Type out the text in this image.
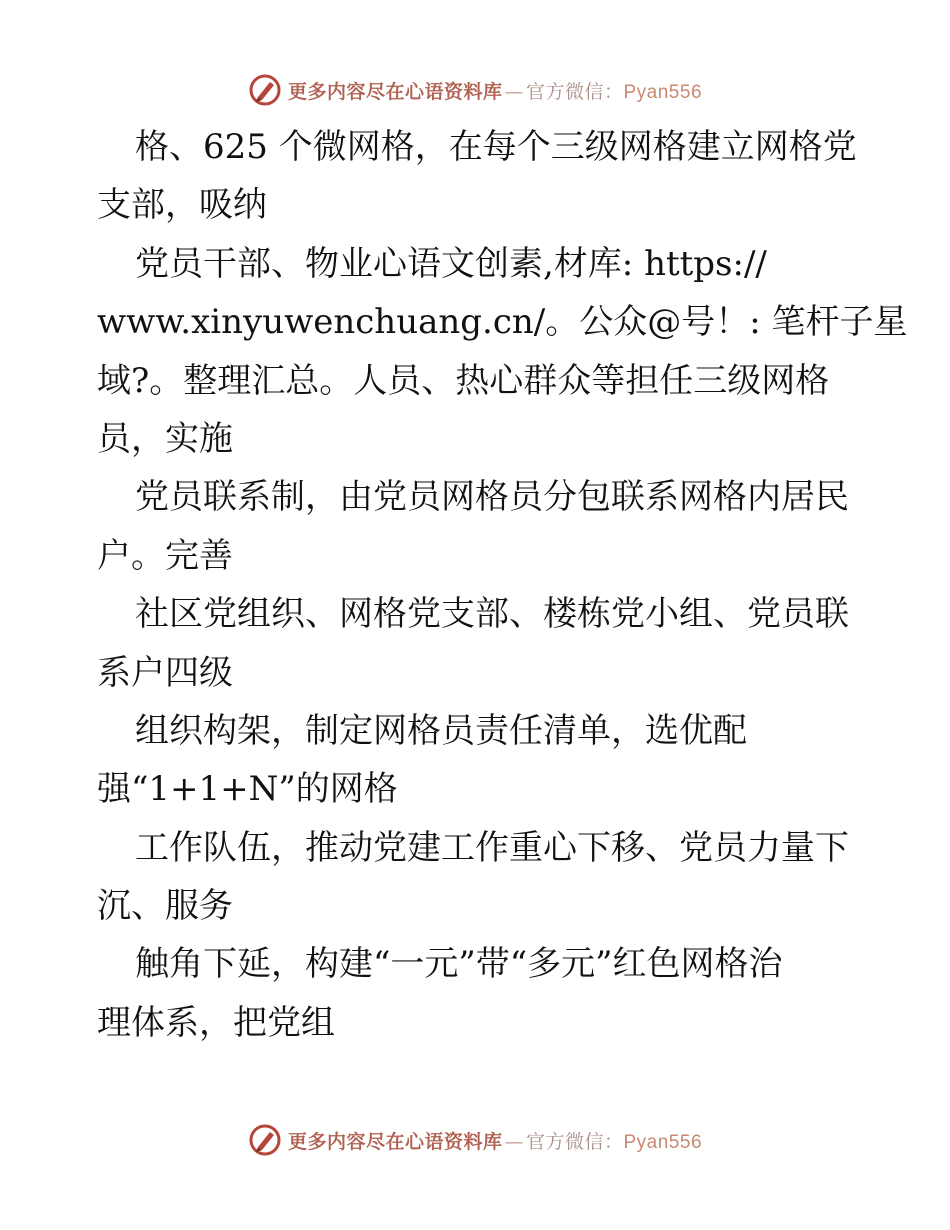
更多内容尽在心语资料库 — 官方微信：Pyan556
格、625 个微网格，在每个三级网格建立网格党
支部，吸纳
党员干部、物业心语文创素,材库: https://
www.xinyuwenchuang.cn/。公众@号！: 笔杆子星
域?。整理汇总。人员、热心群众等担任三级网格
员，实施
党员联系制，由党员网格员分包联系网格内居民
户。完善
社区党组织、网格党支部、楼栋党小组、党员联
系户四级
组织构架，制定网格员责任清单，选优配
强“1+1+N”的网格
工作队伍，推动党建工作重心下移、党员力量下
沉、服务
触角下延，构建“一元”带“多元”红色网格治
理体系，把党组
更多内容尽在心语资料库 — 官方微信：Pyan556
